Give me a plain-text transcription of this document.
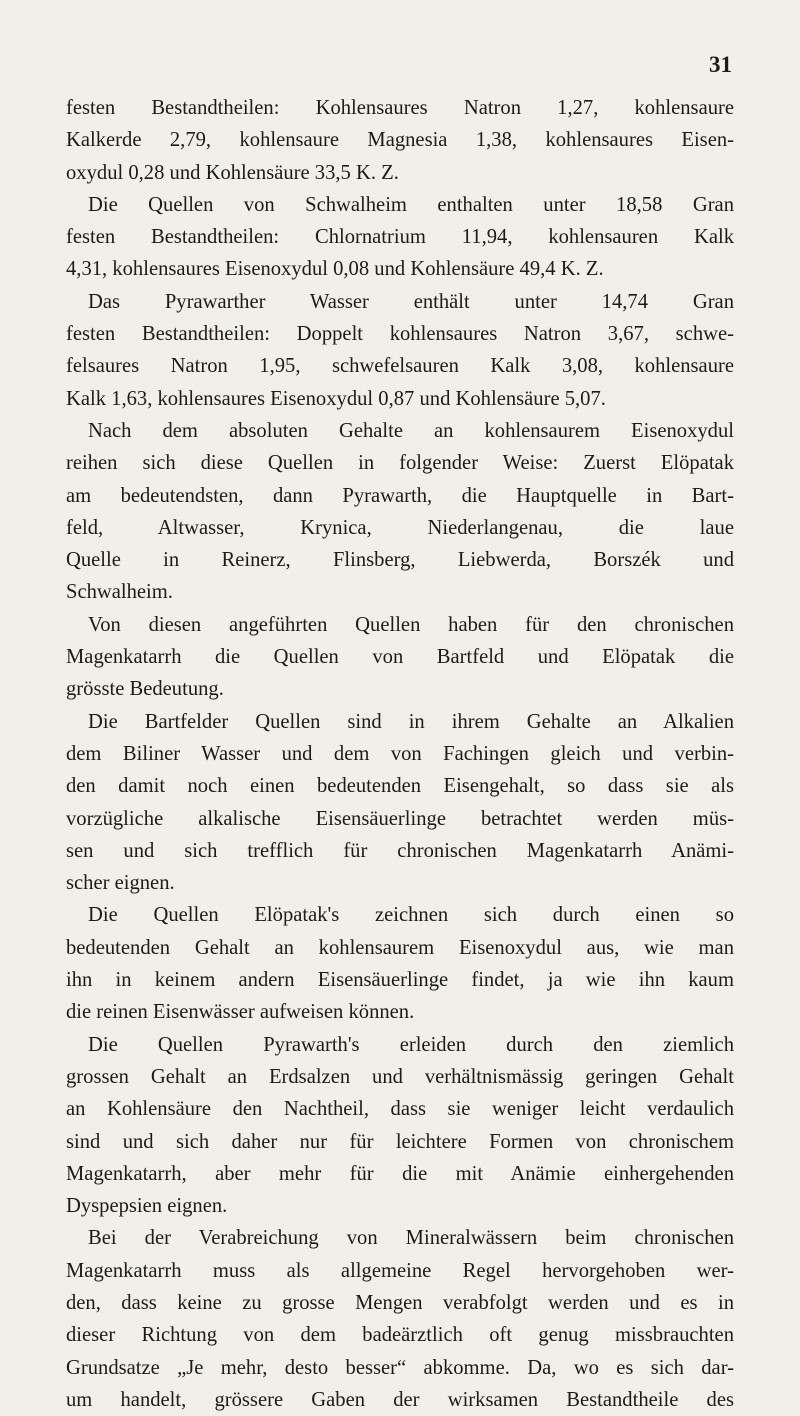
31
festen Bestandtheilen: Kohlensaures Natron 1,27, kohlensaure
Kalkerde 2,79, kohlensaure Magnesia 1,38, kohlensaures Eisen-
oxydul 0,28 und Kohlensäure 33,5 K. Z.
Die Quellen von Schwalheim enthalten unter 18,58 Gran
festen Bestandtheilen: Chlornatrium 11,94, kohlensauren Kalk
4,31, kohlensaures Eisenoxydul 0,08 und Kohlensäure 49,4 K. Z.
Das Pyrawarther Wasser enthält unter 14,74 Gran
festen Bestandtheilen: Doppelt kohlensaures Natron 3,67, schwe-
felsaures Natron 1,95, schwefelsauren Kalk 3,08, kohlensaure
Kalk 1,63, kohlensaures Eisenoxydul 0,87 und Kohlensäure 5,07.
Nach dem absoluten Gehalte an kohlensaurem Eisenoxydul
reihen sich diese Quellen in folgender Weise: Zuerst Elöpatak
am bedeutendsten, dann Pyrawarth, die Hauptquelle in Bart-
feld, Altwasser, Krynica, Niederlangenau, die laue
Quelle in Reinerz, Flinsberg, Liebwerda, Borszék und
Schwalheim.
Von diesen angeführten Quellen haben für den chronischen
Magenkatarrh die Quellen von Bartfeld und Elöpatak die
grösste Bedeutung.
Die Bartfelder Quellen sind in ihrem Gehalte an Alkalien
dem Biliner Wasser und dem von Fachingen gleich und verbin-
den damit noch einen bedeutenden Eisengehalt, so dass sie als
vorzügliche alkalische Eisensäuerlinge betrachtet werden müs-
sen und sich trefflich für chronischen Magenkatarrh Anämi-
scher eignen.
Die Quellen Elöpatak's zeichnen sich durch einen so
bedeutenden Gehalt an kohlensaurem Eisenoxydul aus, wie man
ihn in keinem andern Eisensäuerlinge findet, ja wie ihn kaum
die reinen Eisenwässer aufweisen können.
Die Quellen Pyrawarth's erleiden durch den ziemlich
grossen Gehalt an Erdsalzen und verhältnismässig geringen Gehalt
an Kohlensäure den Nachtheil, dass sie weniger leicht verdaulich
sind und sich daher nur für leichtere Formen von chronischem
Magenkatarrh, aber mehr für die mit Anämie einhergehenden
Dyspepsien eignen.
Bei der Verabreichung von Mineralwässern beim chronischen
Magenkatarrh muss als allgemeine Regel hervorgehoben wer-
den, dass keine zu grosse Mengen verabfolgt werden und es in
dieser Richtung von dem badeärztlich oft genug missbrauchten
Grundsatze „Je mehr, desto besser“ abkomme. Da, wo es sich dar-
um handelt, grössere Gaben der wirksamen Bestandtheile des
